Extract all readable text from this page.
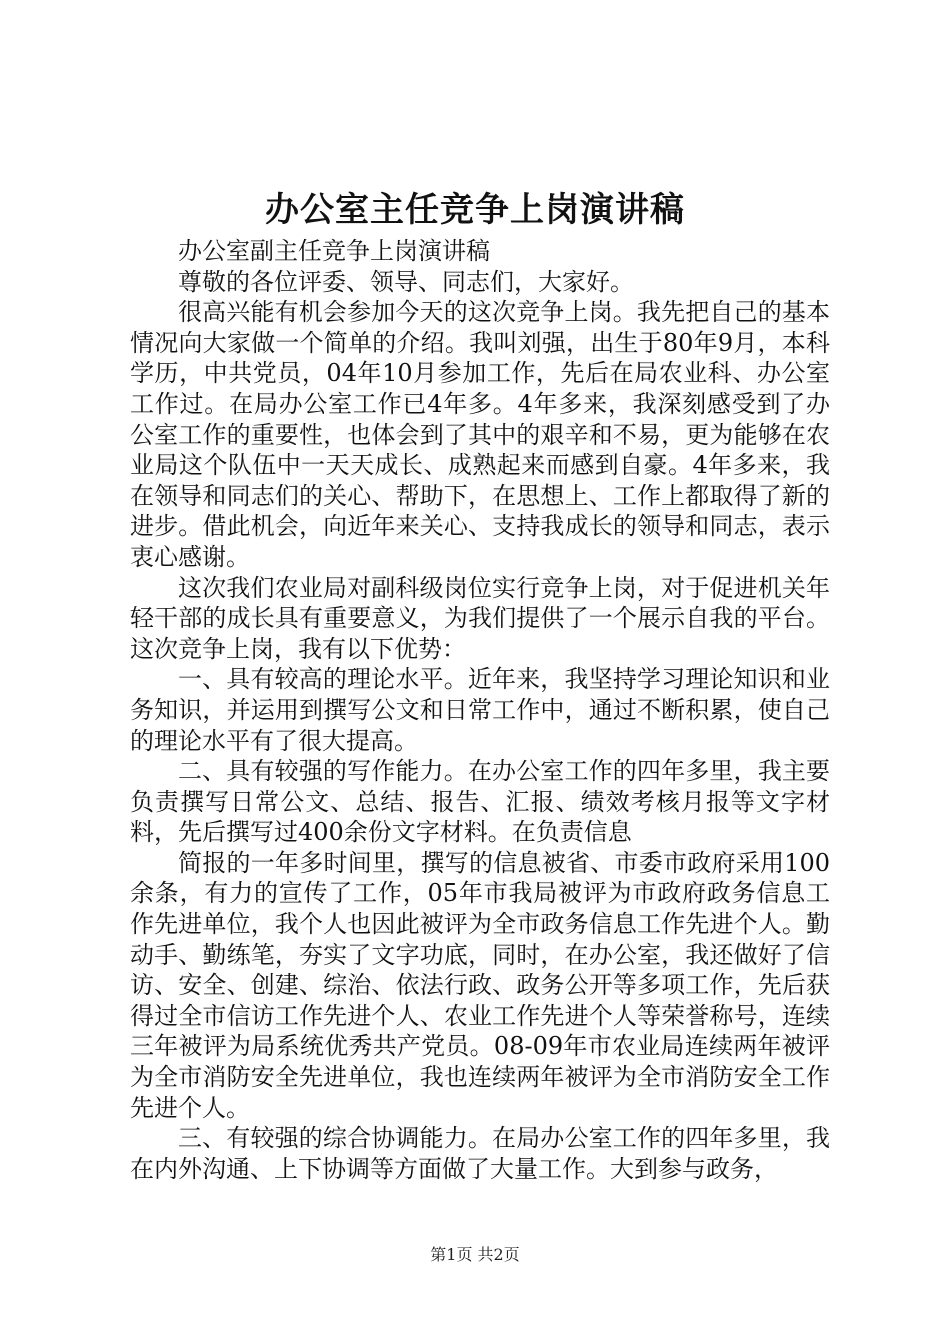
办公室主任竞争上岗演讲稿

办公室副主任竞争上岗演讲稿

尊敬的各位评委、领导、同志们，大家好。

很高兴能有机会参加今天的这次竞争上岗。我先把自己的基本情况向大家做一个简单的介绍。我叫刘强，出生于80年9月，本科学历，中共党员，04年10月参加工作，先后在局农业科、办公室工作过。在局办公室工作已4年多。4年多来，我深刻感受到了办公室工作的重要性，也体会到了其中的艰辛和不易，更为能够在农业局这个队伍中一天天成长、成熟起来而感到自豪。4年多来，我在领导和同志们的关心、帮助下，在思想上、工作上都取得了新的进步。借此机会，向近年来关心、支持我成长的领导和同志，表示衷心感谢。

这次我们农业局对副科级岗位实行竞争上岗，对于促进机关年轻干部的成长具有重要意义，为我们提供了一个展示自我的平台。这次竞争上岗，我有以下优势：

一、具有较高的理论水平。近年来，我坚持学习理论知识和业务知识，并运用到撰写公文和日常工作中，通过不断积累，使自己的理论水平有了很大提高。

二、具有较强的写作能力。在办公室工作的四年多里，我主要负责撰写日常公文、总结、报告、汇报、绩效考核月报等文字材料，先后撰写过400余份文字材料。在负责信息

简报的一年多时间里，撰写的信息被省、市委市政府采用100余条，有力的宣传了工作，05年市我局被评为市政府政务信息工作先进单位，我个人也因此被评为全市政务信息工作先进个人。勤动手、勤练笔，夯实了文字功底，同时，在办公室，我还做好了信访、安全、创建、综治、依法行政、政务公开等多项工作，先后获得过全市信访工作先进个人、农业工作先进个人等荣誉称号，连续三年被评为局系统优秀共产党员。08-09年市农业局连续两年被评为全市消防安全先进单位，我也连续两年被评为全市消防安全工作先进个人。

三、有较强的综合协调能力。在局办公室工作的四年多里，我在内外沟通、上下协调等方面做了大量工作。大到参与政务，

第1页 共2页
